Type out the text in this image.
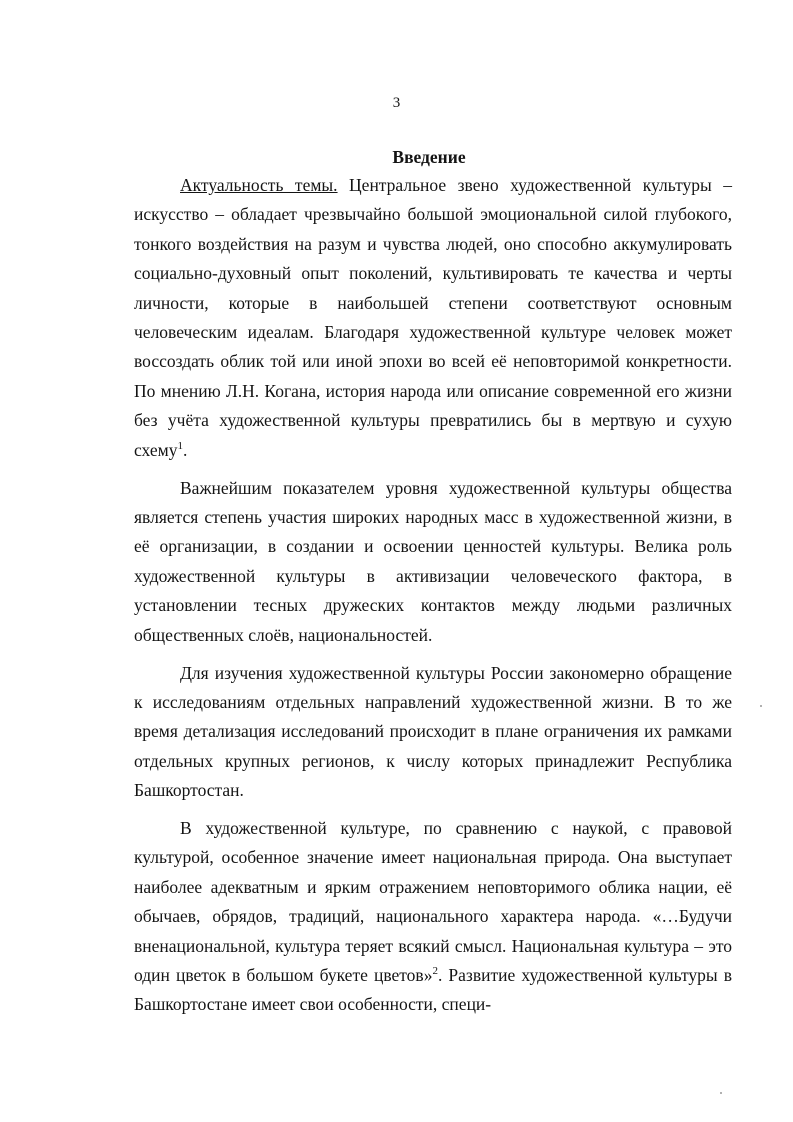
3
Введение

Актуальность темы. Центральное звено художественной культуры – искусство – обладает чрезвычайно большой эмоциональной силой глубокого, тонкого воздействия на разум и чувства людей, оно способно аккумулировать социально-духовный опыт поколений, культивировать те качества и черты личности, которые в наибольшей степени соответствуют основным человеческим идеалам. Благодаря художественной культуре человек может воссоздать облик той или иной эпохи во всей её неповторимой конкретности. По мнению Л.Н. Когана, история народа или описание современной его жизни без учёта художественной культуры превратились бы в мертвую и сухую схему$^1$.

Важнейшим показателем уровня художественной культуры общества является степень участия широких народных масс в художественной жизни, в её организации, в создании и освоении ценностей культуры. Велика роль художественной культуры в активизации человеческого фактора, в установлении тесных дружеских контактов между людьми различных общественных слоёв, национальностей.

Для изучения художественной культуры России закономерно обращение к исследованиям отдельных направлений художественной жизни. В то же время детализация исследований происходит в плане ограничения их рамками отдельных крупных регионов, к числу которых принадлежит Республика Башкортостан.

В художественной культуре, по сравнению с наукой, с правовой культурой, особенное значение имеет национальная природа. Она выступает наиболее адекватным и ярким отражением неповторимого облика нации, её обычаев, обрядов, традиций, национального характера народа. «…Будучи вненациональной, культура теряет всякий смысл. Национальная культура – это один цветок в большом букете цветов»$^2$. Развитие художественной культуры в Башкортостане имеет свои особенности, специ-
